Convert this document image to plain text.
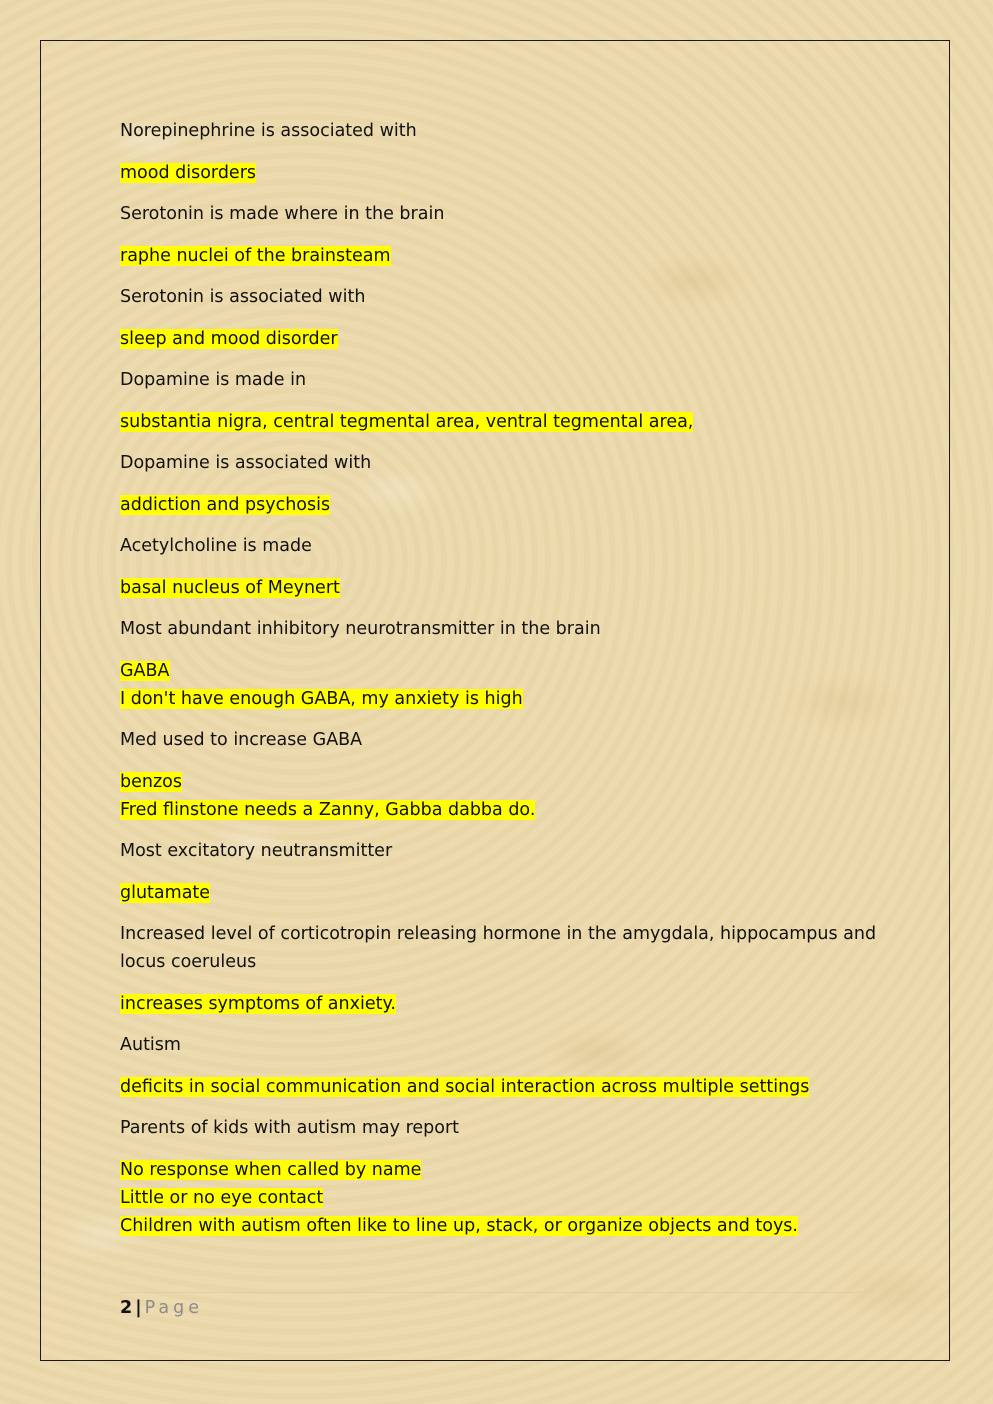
Norepinephrine is associated with

mood disorders

Serotonin is made where in the brain

raphe nuclei of the brainsteam

Serotonin is associated with

sleep and mood disorder

Dopamine is made in

substantia nigra, central tegmental area, ventral tegmental area,

Dopamine is associated with

addiction and psychosis

Acetylcholine is made

basal nucleus of Meynert

Most abundant inhibitory neurotransmitter in the brain

GABA
I don't have enough GABA, my anxiety is high

Med used to increase GABA

benzos
Fred flinstone needs a Zanny, Gabba dabba do.

Most excitatory neutransmitter

glutamate

Increased level of corticotropin releasing hormone in the amygdala, hippocampus and locus coeruleus

increases symptoms of anxiety.

Autism

deficits in social communication and social interaction across multiple settings

Parents of kids with autism may report

No response when called by name
Little or no eye contact
Children with autism often like to line up, stack, or organize objects and toys.
2 | Page
